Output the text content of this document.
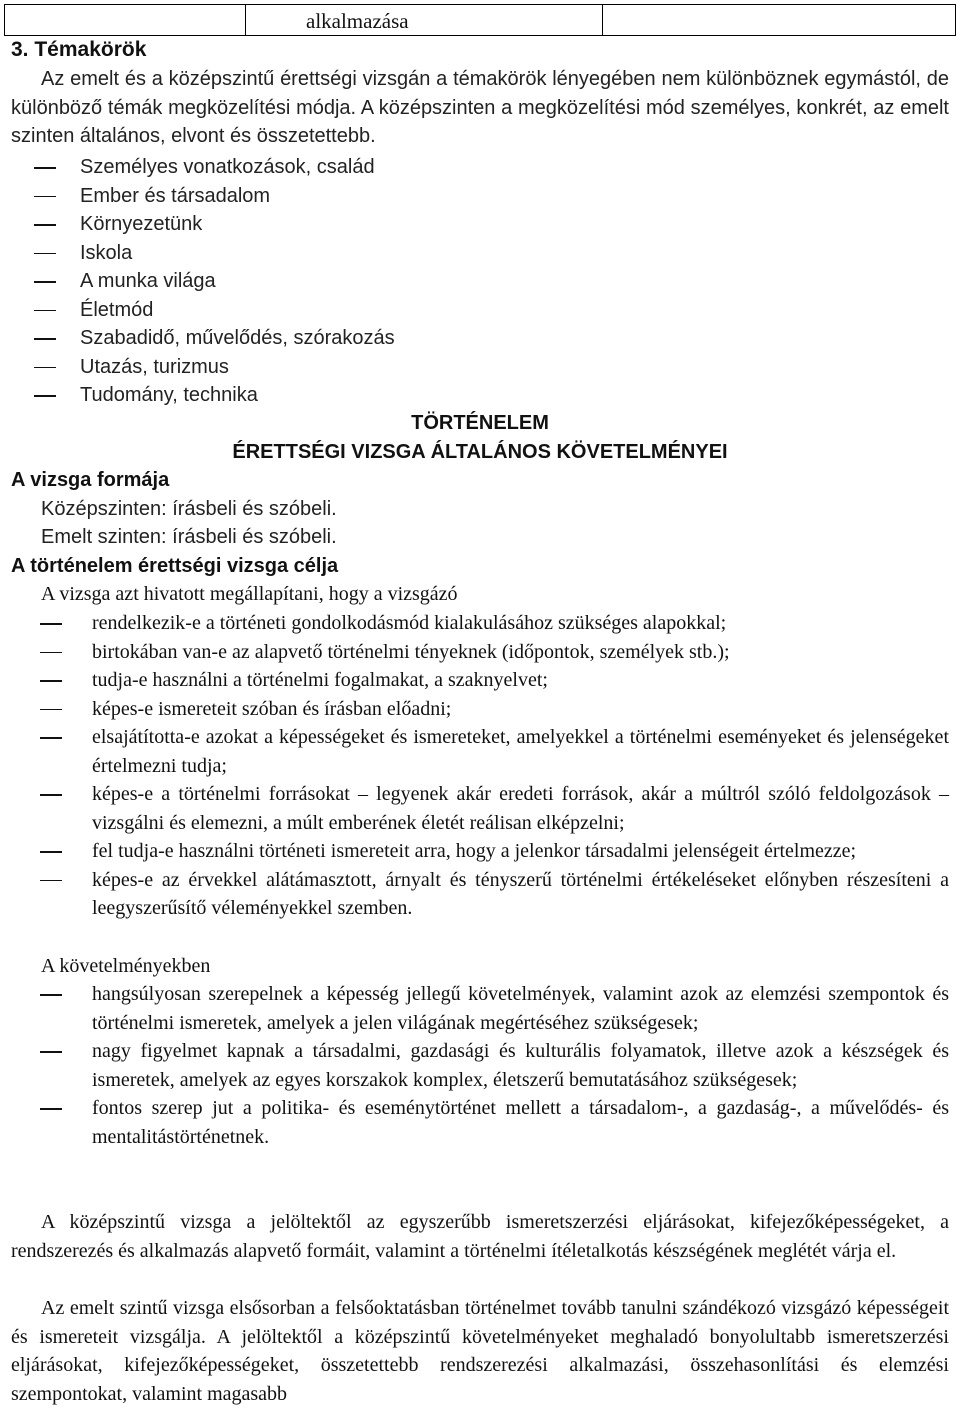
alkalmazása
3. Témakörök
Az emelt és a középszintű érettségi vizsgán a témakörök lényegében nem különböznek egymástól, de különböző témák megközelítési módja. A középszinten a megközelítési mód személyes, konkrét, az emelt szinten általános, elvont és összetettebb.
Személyes vonatkozások, család
Ember és társadalom
Környezetünk
Iskola
A munka világa
Életmód
Szabadidő, művelődés, szórakozás
Utazás, turizmus
Tudomány, technika
TÖRTÉNELEM
ÉRETTSÉGI VIZSGA ÁLTALÁNOS KÖVETELMÉNYEI
A vizsga formája
Középszinten: írásbeli és szóbeli.
Emelt szinten: írásbeli és szóbeli.
A történelem érettségi vizsga célja
A vizsga azt hivatott megállapítani, hogy a vizsgázó
rendelkezik-e a történeti gondolkodásmód kialakulásához szükséges alapokkal;
birtokában van-e az alapvető történelmi tényeknek (időpontok, személyek stb.);
tudja-e használni a történelmi fogalmakat, a szaknyelvet;
képes-e ismereteit szóban és írásban előadni;
elsajátította-e azokat a képességeket és ismereteket, amelyekkel a történelmi eseményeket és jelenségeket értelmezni tudja;
képes-e a történelmi forrásokat – legyenek akár eredeti források, akár a múltról szóló feldolgozások – vizsgálni és elemezni, a múlt emberének életét reálisan elképzelni;
fel tudja-e használni történeti ismereteit arra, hogy a jelenkor társadalmi jelenségeit értelmezze;
képes-e az érvekkel alátámasztott, árnyalt és tényszerű történelmi értékeléseket előnyben részesíteni a leegyszerűsítő véleményekkel szemben.
A követelményekben
hangsúlyosan szerepelnek a képesség jellegű követelmények, valamint azok az elemzési szempontok és történelmi ismeretek, amelyek a jelen világának megértéséhez szükségesek;
nagy figyelmet kapnak a társadalmi, gazdasági és kulturális folyamatok, illetve azok a készségek és ismeretek, amelyek az egyes korszakok komplex, életszerű bemutatásához szükségesek;
fontos szerep jut a politika- és eseménytörténet mellett a társadalom-, a gazdaság-, a művelődés- és mentalitástörténetnek.
A középszintű vizsga a jelöltektől az egyszerűbb ismeretszerzési eljárásokat, kifejezőképességeket, a rendszerezés és alkalmazás alapvető formáit, valamint a történelmi ítéletalkotás készségének meglétét várja el.
Az emelt szintű vizsga elsősorban a felsőoktatásban történelmet tovább tanulni szándékozó vizsgázó képességeit és ismereteit vizsgálja. A jelöltektől a középszintű követelményeket meghaladó bonyolultabb ismeretszerzési eljárásokat, kifejezőképességeket, összetettebb rendszerezési alkalmazási, összehasonlítási és elemzési szempontokat, valamint magasabb
